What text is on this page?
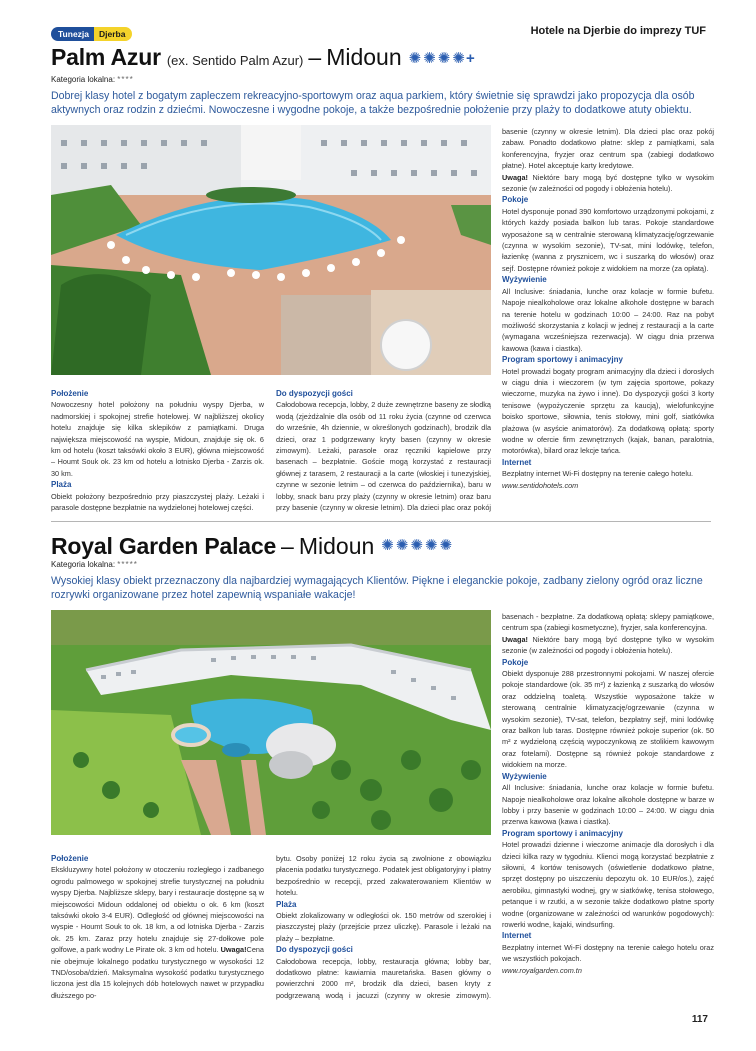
Tunezja	Djerba	Hotele na Djerbie do imprezy TUF
Palm Azur (ex. Sentido Palm Azur) – Midoun ✺ ✺ ✺ ✺ +
Kategoria lokalna: ****
Dobrej klasy hotel z bogatym zapleczem rekreacyjno-sportowym oraz aqua parkiem, który świetnie się sprawdzi jako propozycja dla osób aktywnych oraz rodzin z dziećmi. Nowoczesne i wygodne pokoje, a także bezpośrednie położenie przy plaży to dodatkowe atuty obiektu.
Położenie

Nowoczesny hotel położony na południu wyspy Djerba, w nadmorskiej i spokojnej strefie hotelowej. W najbliższej okolicy hotelu znajduje się kilka sklepików z pamiątkami. Druga największa miejscowość na wyspie, Midoun, znajduje się ok. 6 km od hotelu (koszt taksówki około 3 EUR), główna miejscowość – Houmt Souk ok. 23 km od hotelu a lotnisko Djerba - Zarzis ok. 30 km.

Plaża

Obiekt położony bezpośrednio przy piaszczystej plaży. Leżaki i parasole dostępne bezpłatnie na wydzielonej hotelowej części.

Do dyspozycji gości

Całodobowa recepcja, lobby, 2 duże zewnętrzne baseny ze słodką wodą (zjeżdżalnie dla osób od 11 roku życia (czynne od czerwca do wrześnie, 4h dziennie, w określonych godzinach), brodzik dla dzieci, oraz 1 podgrzewany kryty basen (czynny w okresie zimowym). Leżaki, parasole oraz ręczniki kąpielowe przy basenach – bezpłatnie. Goście mogą korzystać z restauracji głównej z tarasem, 2 restauracji a la carte (włoskiej i tunezyjskiej, czynne w sezonie letnim – od czerwca do października), baru w lobby, snack baru przy plaży (czynny w okresie letnim) oraz baru przy basenie (czynny w okresie letnim). Dla dzieci plac oraz pokój

basenie (czynny w okresie letnim). Dla dzieci plac oraz pokój zabaw. Ponadto dodatkowo płatne: sklep z pamiątkami, sala konferencyjna, fryzjer oraz centrum spa (zabiegi dodatkowo płatne). Hotel akceptuje karty kredytowe.

Uwaga! Niektóre bary mogą być dostępne tylko w wysokim sezonie (w zależności od pogody i obłożenia hotelu).

Pokoje

Hotel dysponuje ponad 390 komfortowo urządzonymi pokojami, z których każdy posiada balkon lub taras. Pokoje standardowe wyposażone są w centralnie sterowaną klimatyzację/ogrzewanie (czynna w wysokim sezonie), TV-sat, mini lodówkę, telefon, łazienkę (wanna z prysznicem, wc i suszarką do włosów) oraz sejf. Dostępne również pokoje z widokiem na morze (za opłatą).

Wyżywienie

All Inclusive: śniadania, lunche oraz kolacje w formie bufetu. Napoje niealkoholowe oraz lokalne alkohole dostępne w barach na terenie hotelu w godzinach 10:00 – 24:00. Raz na pobyt możliwość skorzystania z kolacji w jednej z restauracji a la carte (wymagana wcześniejsza rezerwacja). W ciągu dnia przerwa kawowa (kawa i ciastka).

Program sportowy i animacyjny

Hotel prowadzi bogaty program animacyjny dla dzieci i dorosłych w ciągu dnia i wieczorem (w tym zajęcia sportowe, pokazy wieczorne, muzyka na żywo i inne). Do dyspozycji gości 3 korty tenisowe (wypożyczenie sprzętu za kaucją), wielofunkcyjne boisko sportowe, siłownia, tenis stołowy, mini golf, siatkówka plażowa (w asyście animatorów). Za dodatkową opłatą: sporty wodne w ofercie firm zewnętrznych (kajak, banan, paralotnia, motorówka), bilard oraz lekcje tańca.

Internet

Bezpłatny internet Wi-Fi dostępny na terenie całego hotelu.

www.sentidohotels.com

Royal Garden Palace – Midoun ✺ ✺ ✺ ✺ ✺
Kategoria lokalna: *****
Wysokiej klasy obiekt przeznaczony dla najbardziej wymagających Klientów. Piękne i eleganckie pokoje, zadbany zielony ogród oraz liczne rozrywki organizowane przez hotel zapewnią wspaniałe wakacje!
Położenie

Ekskluzywny hotel położony w otoczeniu rozległego i zadbanego ogrodu palmowego w spokojnej strefie turystycznej na południu wyspy Djerba. Najbliższe sklepy, bary i restauracje dostępne są w miejscowości Midoun oddalonej od obiektu o ok. 6 km (koszt taksówki około 3-4 EUR). Odległość od głównej miejscowości na wyspie - Houmt Souk to ok. 18 km, a od lotniska Djerba - Zarzis ok. 25 km. Zaraz przy hotelu znajduje się 27-dołkowe pole golfowe, a park wodny Le Pirate ok. 3 km od hotelu. Uwaga!Cena nie obejmuje lokalnego podatku turystycznego w wysokości 12 TND/osoba/dzień. Maksymalna wysokość podatku turystycznego liczona jest dla 15 kolejnych dób hotelowych nawet w przypadku dłuższego po-

bytu. Osoby poniżej 12 roku życia są zwolnione z obowiązku płacenia podatku turystycznego. Podatek jest obligatoryjny i płatny bezpośrednio w recepcji, przed zakwaterowaniem Klientów w hotelu.

Plaża

Obiekt zlokalizowany w odległości ok. 150 metrów od szerokiej i piaszczystej plaży (przejście przez uliczkę). Parasole i leżaki na plaży – bezpłatne.

Do dyspozycji gości

Całodobowa recepcja, lobby, restauracja główna; lobby bar, dodatkowo płatne: kawiarnia mauretańska. Basen główny o powierzchni 2000 m², brodzik dla dzieci, basen kryty z podgrzewaną wodą i jacuzzi (czynny w okresie zimowym).

basenach - bezpłatne. Za dodatkową opłatą: sklepy pamiątkowe, centrum spa (zabiegi kosmetyczne), fryzjer, sala konferencyjna.

Uwaga! Niektóre bary mogą być dostępne tylko w wysokim sezonie (w zależności od pogody i obłożenia hotelu).

Pokoje

Obiekt dysponuje 288 przestronnymi pokojami. W naszej ofercie pokoje standardowe (ok. 35 m²) z łazienką z suszarką do włosów oraz oddzielną toaletą. Wszystkie wyposażone także w sterowaną centralnie klimatyzację/ogrzewanie (czynna w wysokim sezonie), TV-sat, telefon, bezpłatny sejf, mini lodówkę oraz balkon lub taras. Dostępne również pokoje superior (ok. 50 m² z wydzieloną częścią wypoczynkową ze stolikiem kawowym oraz fotelami). Dostępne są również pokoje standardowe z widokiem na morze.

Wyżywienie

All Inclusive: śniadania, lunche oraz kolacje w formie bufetu. Napoje niealkoholowe oraz lokalne alkohole dostępne w barze w lobby i przy basenie w godzinach 10:00 – 24:00. W ciągu dnia przerwa kawowa (kawa i ciastka).

Program sportowy i animacyjny

Hotel prowadzi dzienne i wieczorne animacje dla dorosłych i dla dzieci kilka razy w tygodniu. Klienci mogą korzystać bezpłatnie z siłowni, 4 kortów tenisowych (oświetlenie dodatkowo płatne, sprzęt dostępny po uiszczeniu depozytu ok. 10 EUR/os.), zajęć aerobiku, gimnastyki wodnej, gry w siatkówkę, tenisa stołowego, petanque i w rzutki, a w sezonie także dodatkowo płatne sporty wodne (organizowane w zależności od warunków pogodowych): rowerki wodne, kajaki, windsurfing.

Internet

Bezpłatny internet Wi-Fi dostępny na terenie całego hotelu oraz we wszystkich pokojach.

www.royalgarden.com.tn

117
